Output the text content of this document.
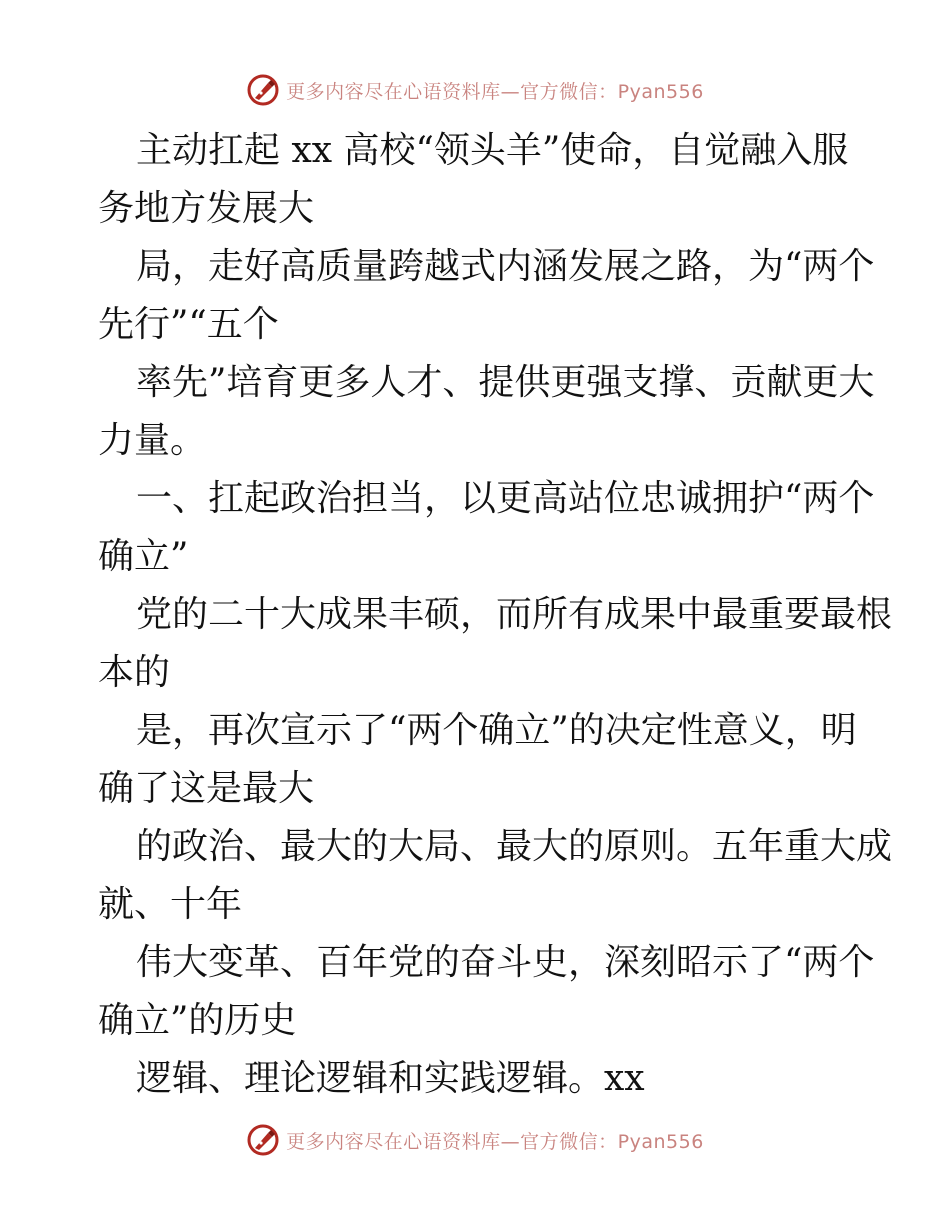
更多内容尽在心语资料库—官方微信：Pyan556

主动扛起 xx 高校“领头羊”使命，自觉融入服
务地方发展大

局，走好高质量跨越式内涵发展之路，为“两个
先行”“五个

率先”培育更多人才、提供更强支撑、贡献更大
力量。

一、扛起政治担当，以更高站位忠诚拥护“两个
确立”

党的二十大成果丰硕，而所有成果中最重要最根
本的

是，再次宣示了“两个确立”的决定性意义，明
确了这是最大

的政治、最大的大局、最大的原则。五年重大成
就、十年

伟大变革、百年党的奋斗史，深刻昭示了“两个
确立”的历史

逻辑、理论逻辑和实践逻辑。xx

更多内容尽在心语资料库—官方微信：Pyan556
